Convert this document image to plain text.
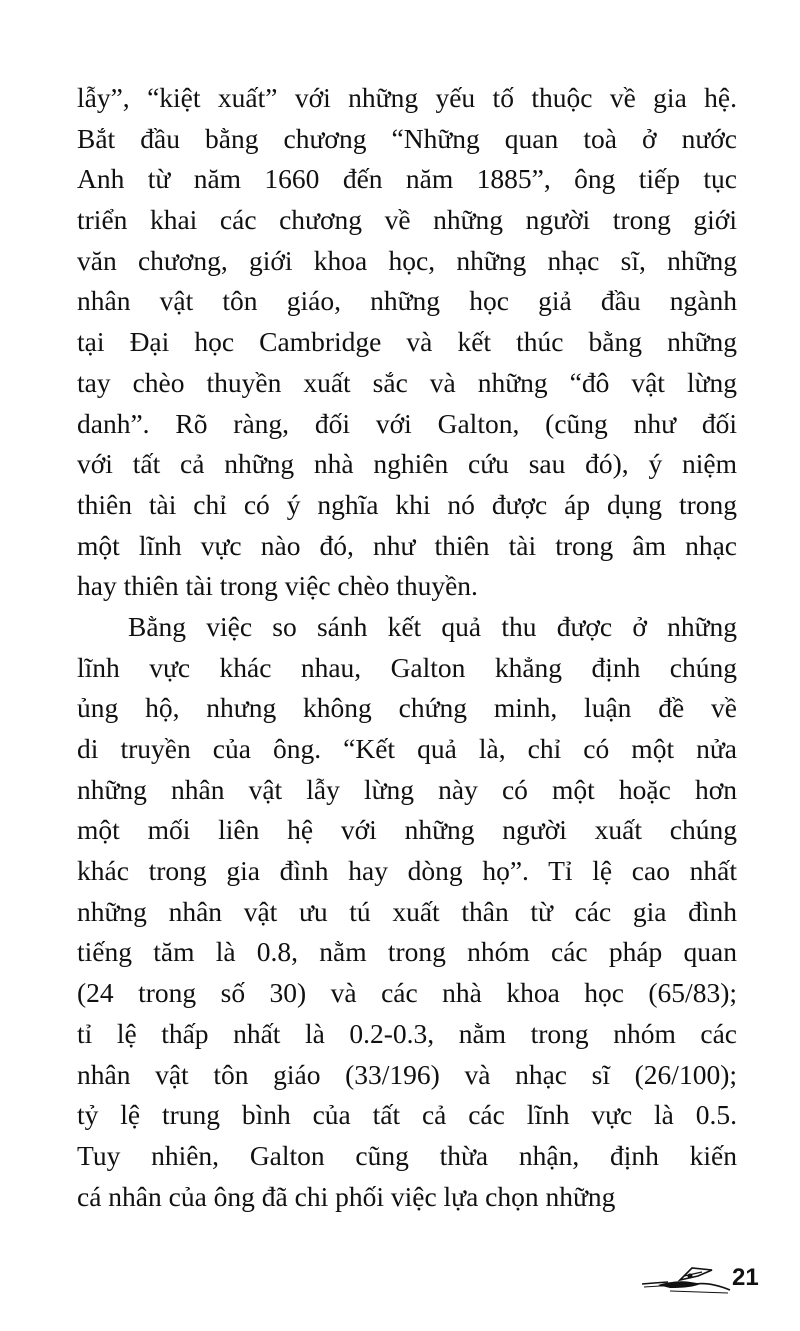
lẫy”, “kiệt xuất” với những yếu tố thuộc về gia hệ.
Bắt đầu bằng chương “Những quan toà ở nước
Anh từ năm 1660 đến năm 1885”, ông tiếp tục
triển khai các chương về những người trong giới
văn chương, giới khoa học, những nhạc sĩ, những
nhân vật tôn giáo, những học giả đầu ngành
tại Đại học Cambridge và kết thúc bằng những
tay chèo thuyền xuất sắc và những “đô vật lừng
danh”. Rõ ràng, đối với Galton, (cũng như đối
với tất cả những nhà nghiên cứu sau đó), ý niệm
thiên tài chỉ có ý nghĩa khi nó được áp dụng trong
một lĩnh vực nào đó, như thiên tài trong âm nhạc
hay thiên tài trong việc chèo thuyền.
Bằng việc so sánh kết quả thu được ở những
lĩnh vực khác nhau, Galton khẳng định chúng
ủng hộ, nhưng không chứng minh, luận đề về
di truyền của ông. “Kết quả là, chỉ có một nửa
những nhân vật lẫy lừng này có một hoặc hơn
một mối liên hệ với những người xuất chúng
khác trong gia đình hay dòng họ”. Tỉ lệ cao nhất
những nhân vật ưu tú xuất thân từ các gia đình
tiếng tăm là 0.8, nằm trong nhóm các pháp quan
(24 trong số 30) và các nhà khoa học (65/83);
tỉ lệ thấp nhất là 0.2-0.3, nằm trong nhóm các
nhân vật tôn giáo (33/196) và nhạc sĩ (26/100);
tỷ lệ trung bình của tất cả các lĩnh vực là 0.5.
Tuy nhiên, Galton cũng thừa nhận, định kiến
cá nhân của ông đã chi phối việc lựa chọn những
21
